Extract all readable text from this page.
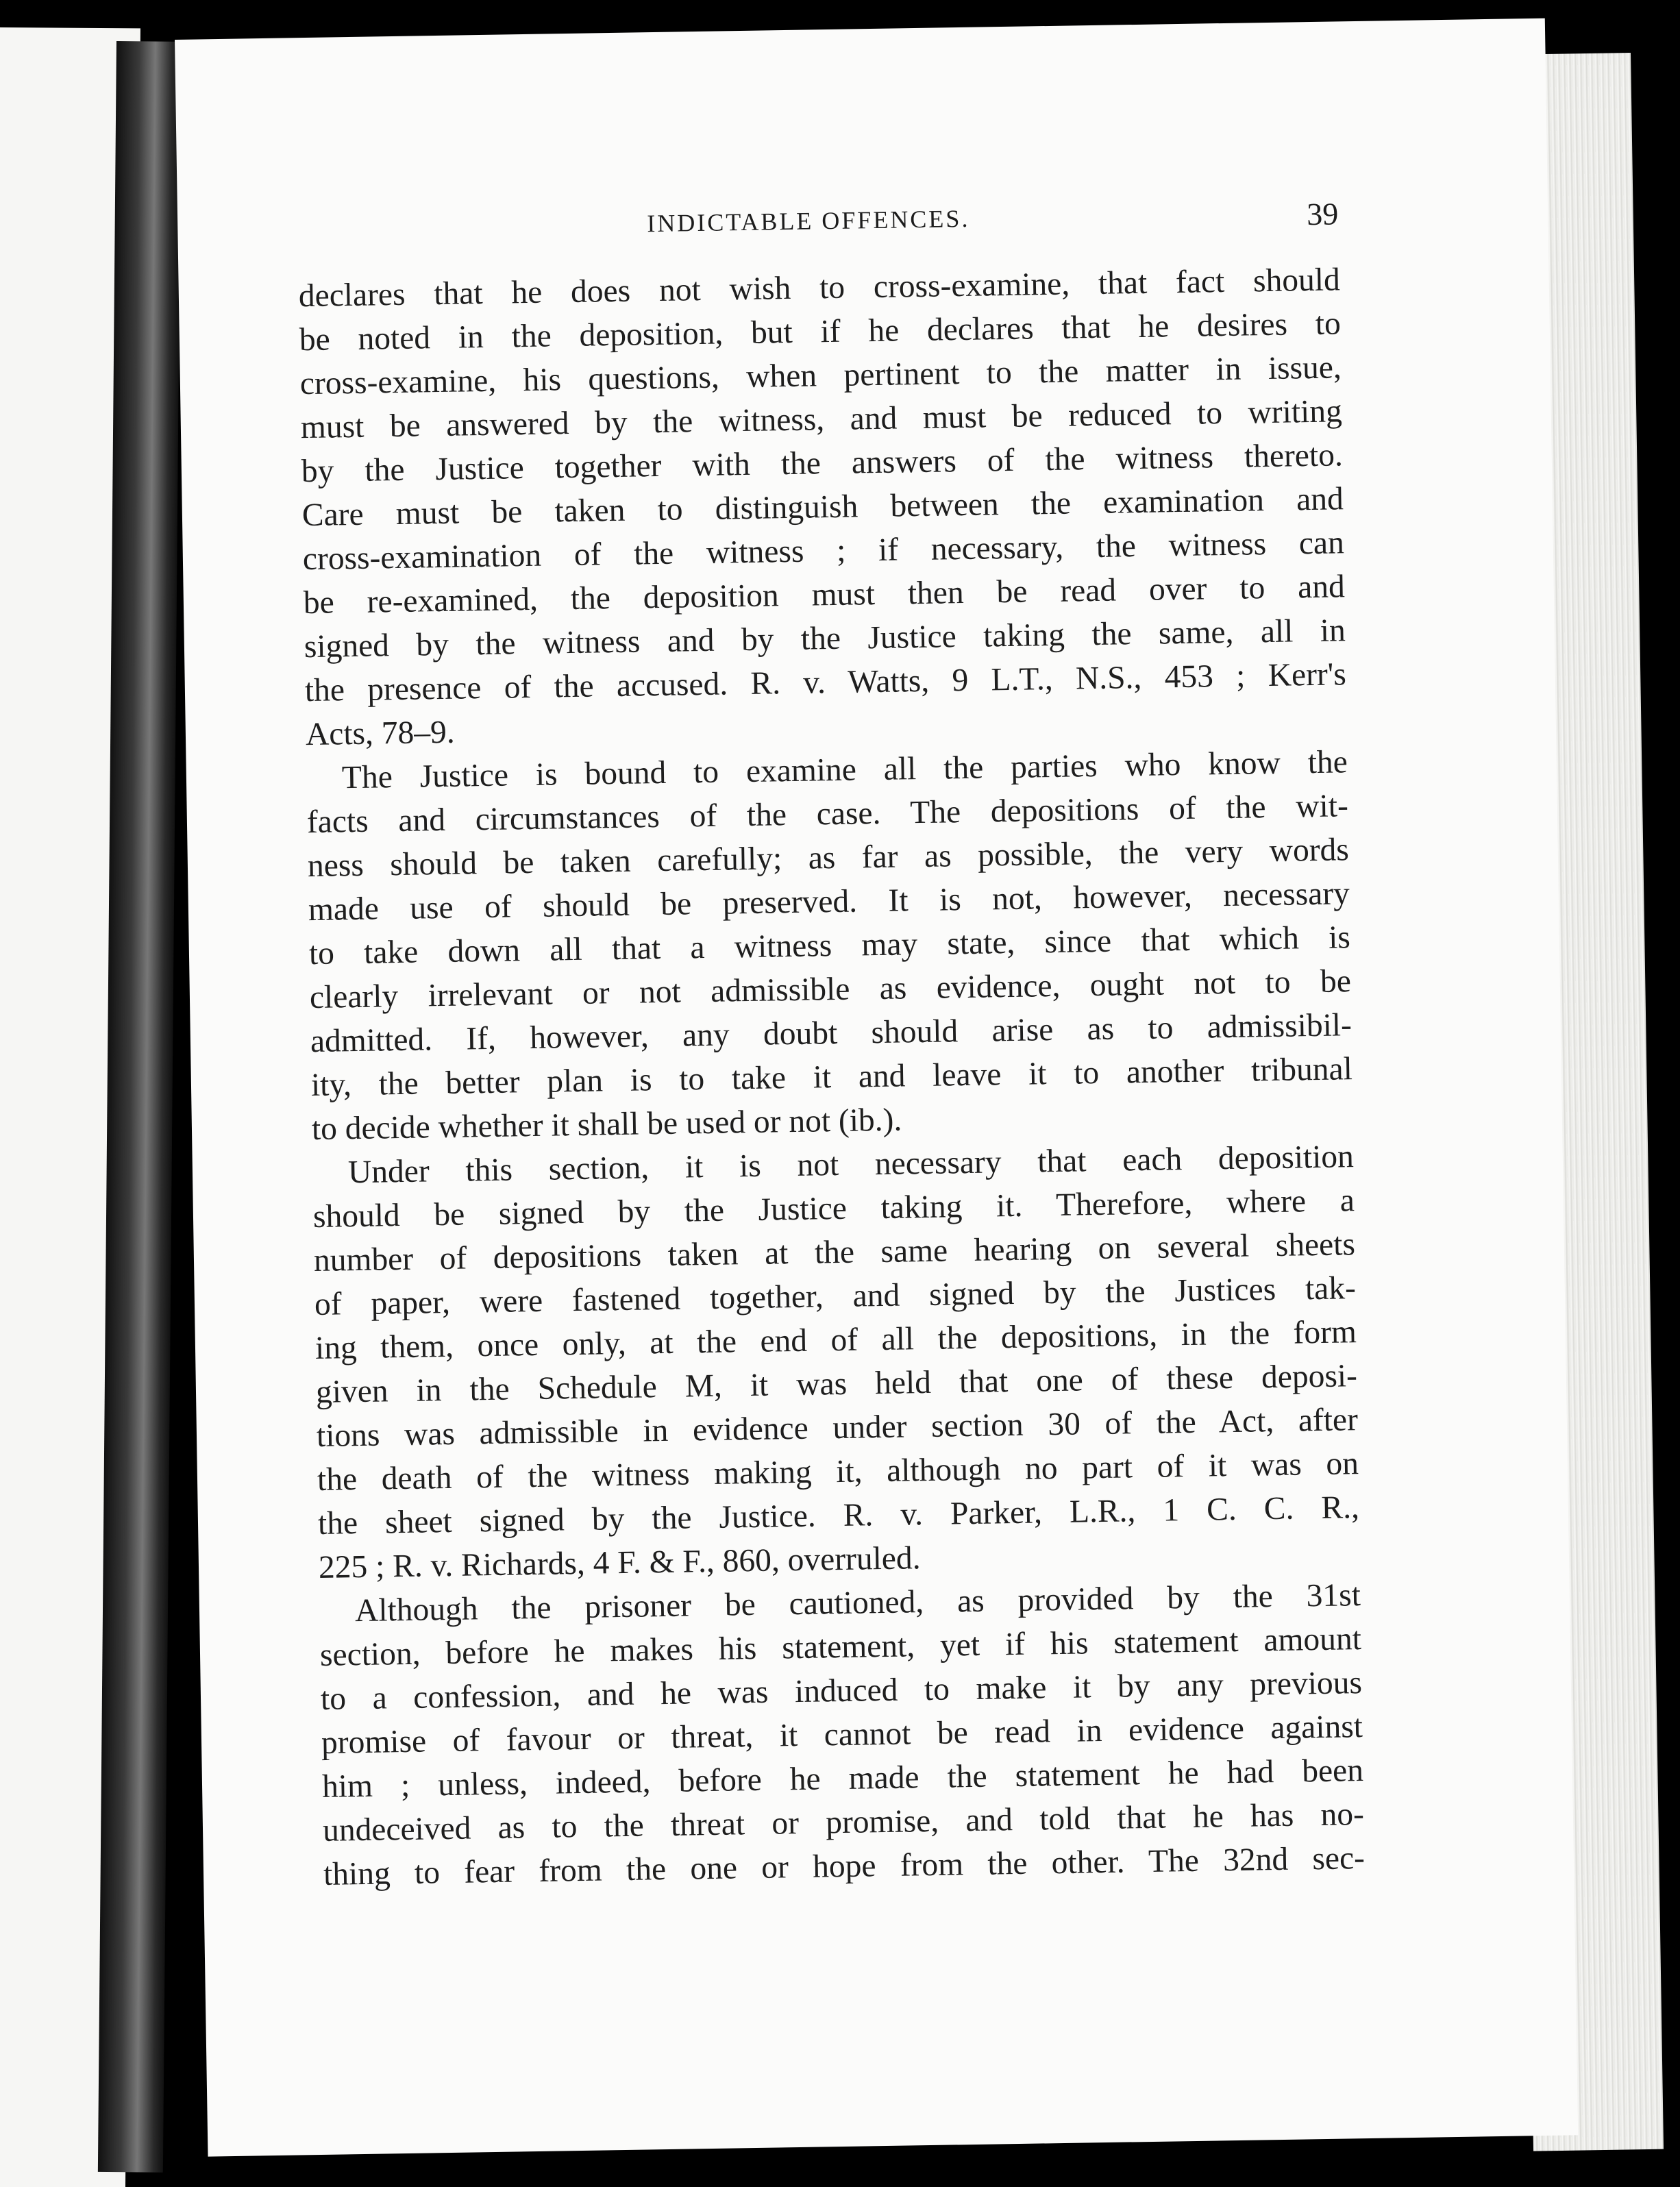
INDICTABLE OFFENCES.	39
declares that he does not wish to cross-examine, that fact should
be noted in the deposition, but if he declares that he desires to
cross-examine, his questions, when pertinent to the matter in issue,
must be answered by the witness, and must be reduced to writing
by the Justice together with the answers of the witness thereto.
Care must be taken to distinguish between the examination and
cross-examination of the witness ; if necessary, the witness can
be re-examined, the deposition must then be read over to and
signed by the witness and by the Justice taking the same, all in
the presence of the accused. R. v. Watts, 9 L.T., N.S., 453 ; Kerr's
Acts, 78–9.
The Justice is bound to examine all the parties who know the
facts and circumstances of the case. The depositions of the wit-
ness should be taken carefully; as far as possible, the very words
made use of should be preserved. It is not, however, necessary
to take down all that a witness may state, since that which is
clearly irrelevant or not admissible as evidence, ought not to be
admitted. If, however, any doubt should arise as to admissibil-
ity, the better plan is to take it and leave it to another tribunal
to decide whether it shall be used or not (ib.).
Under this section, it is not necessary that each deposition
should be signed by the Justice taking it. Therefore, where a
number of depositions taken at the same hearing on several sheets
of paper, were fastened together, and signed by the Justices tak-
ing them, once only, at the end of all the depositions, in the form
given in the Schedule M, it was held that one of these deposi-
tions was admissible in evidence under section 30 of the Act, after
the death of the witness making it, although no part of it was on
the sheet signed by the Justice. R. v. Parker, L.R., 1 C. C. R.,
225 ; R. v. Richards, 4 F. & F., 860, overruled.
Although the prisoner be cautioned, as provided by the 31st
section, before he makes his statement, yet if his statement amount
to a confession, and he was induced to make it by any previous
promise of favour or threat, it cannot be read in evidence against
him ; unless, indeed, before he made the statement he had been
undeceived as to the threat or promise, and told that he has no-
thing to fear from the one or hope from the other. The 32nd sec-
